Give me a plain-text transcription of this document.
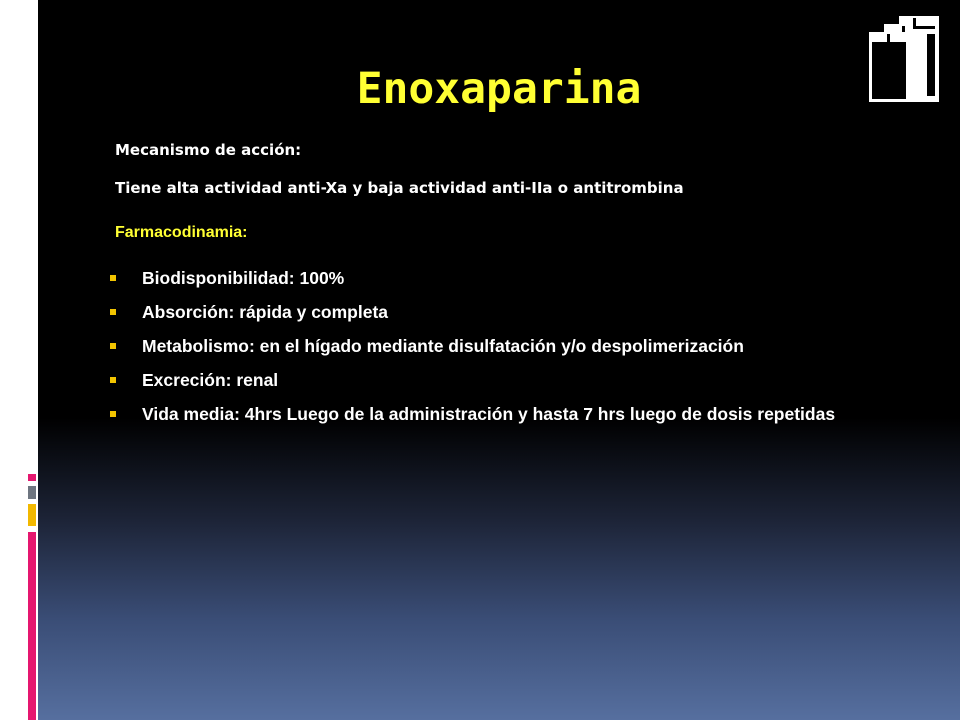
Enoxaparina
Mecanismo de acción:
Tiene alta actividad anti-Xa y baja actividad anti-IIa o antitrombina
Farmacodinamia:
Biodisponibilidad: 100%
Absorción: rápida y completa
Metabolismo: en el hígado mediante disulfatación y/o despolimerización
Excreción: renal
Vida media: 4hrs Luego de la administración y hasta 7 hrs luego de dosis repetidas
